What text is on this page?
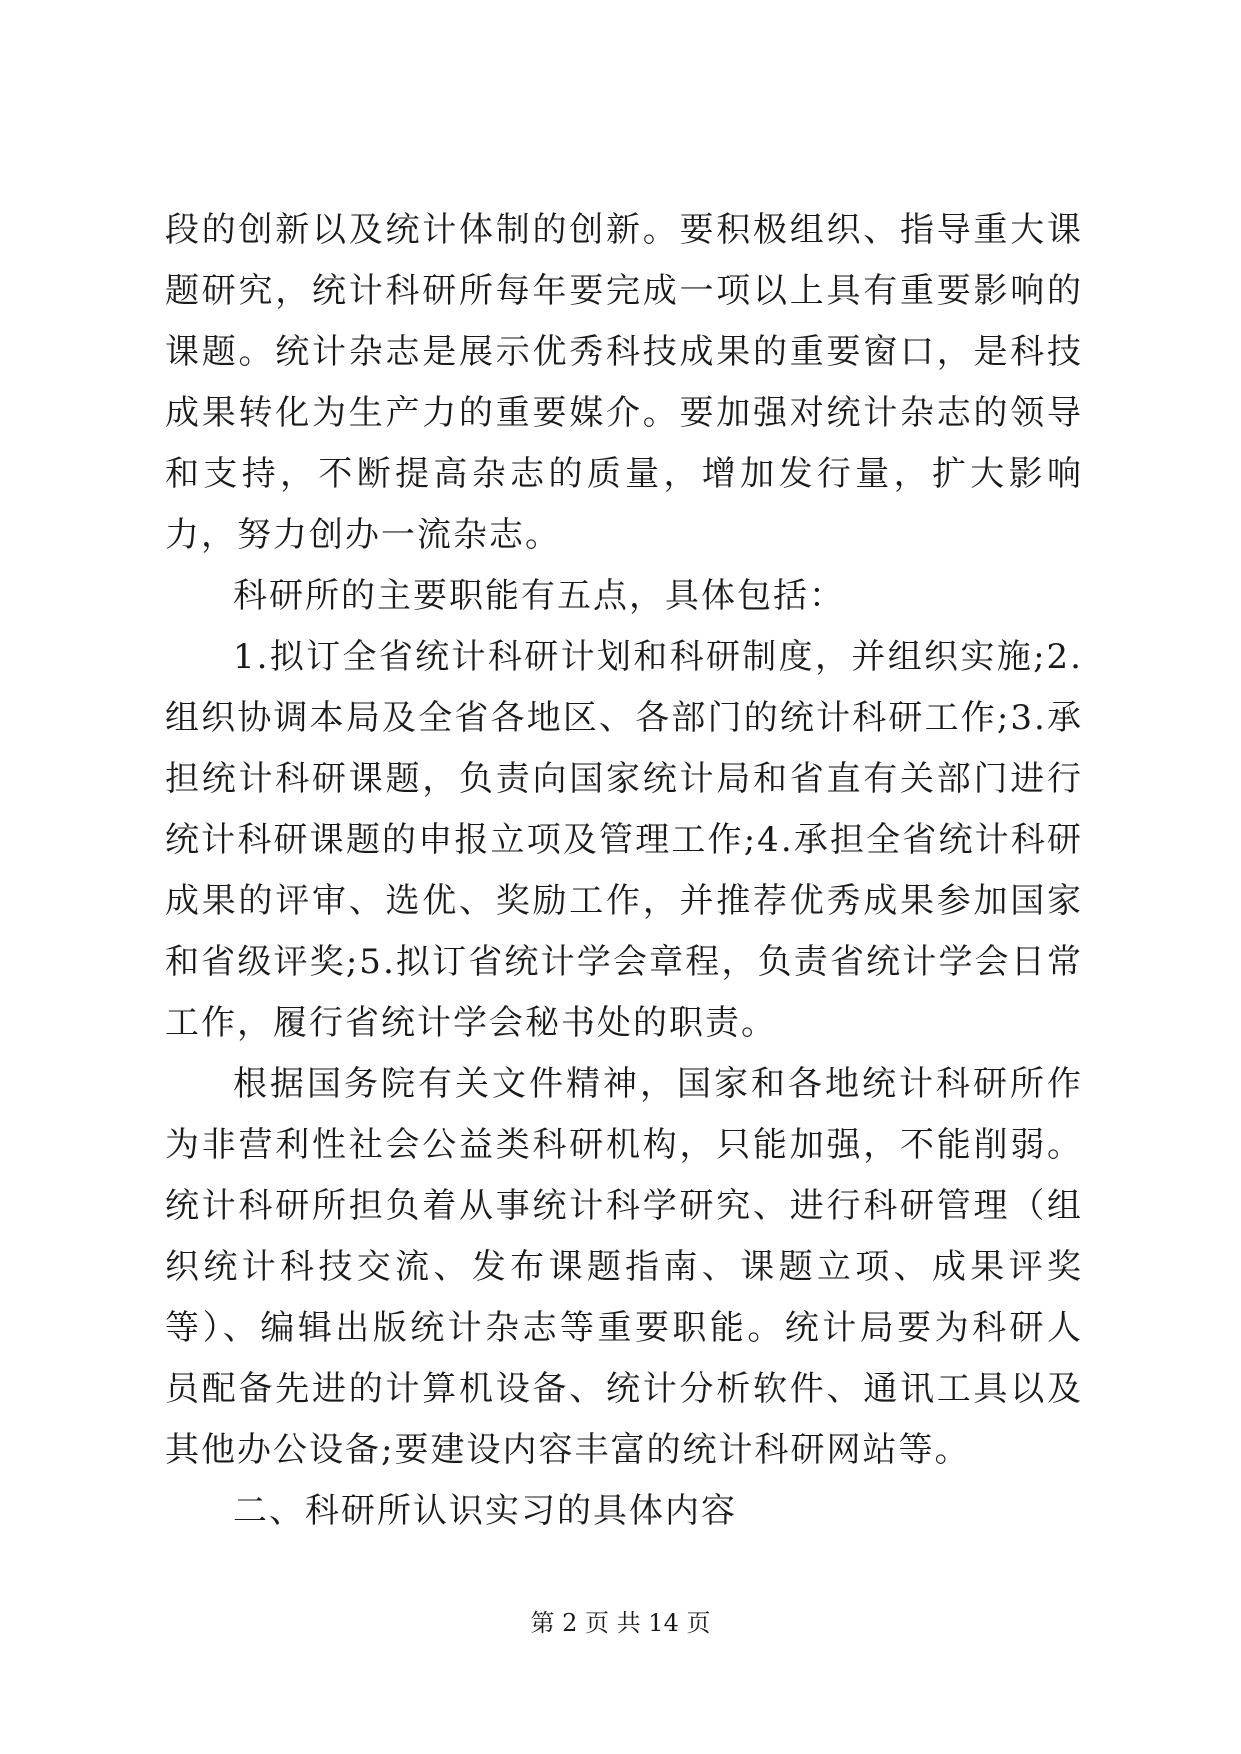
段的创新以及统计体制的创新。要积极组织、指导重大课题研究，统计科研所每年要完成一项以上具有重要影响的课题。统计杂志是展示优秀科技成果的重要窗口，是科技成果转化为生产力的重要媒介。要加强对统计杂志的领导和支持，不断提高杂志的质量，增加发行量，扩大影响力，努力创办一流杂志。

科研所的主要职能有五点，具体包括：

1.拟订全省统计科研计划和科研制度，并组织实施;2.组织协调本局及全省各地区、各部门的统计科研工作;3.承担统计科研课题，负责向国家统计局和省直有关部门进行统计科研课题的申报立项及管理工作;4.承担全省统计科研成果的评审、选优、奖励工作，并推荐优秀成果参加国家和省级评奖;5.拟订省统计学会章程，负责省统计学会日常工作，履行省统计学会秘书处的职责。

根据国务院有关文件精神，国家和各地统计科研所作为非营利性社会公益类科研机构，只能加强，不能削弱。统计科研所担负着从事统计科学研究、进行科研管理（组织统计科技交流、发布课题指南、课题立项、成果评奖等）、编辑出版统计杂志等重要职能。统计局要为科研人员配备先进的计算机设备、统计分析软件、通讯工具以及其他办公设备;要建设内容丰富的统计科研网站等。

二、科研所认识实习的具体内容

第 2 页 共 14 页
